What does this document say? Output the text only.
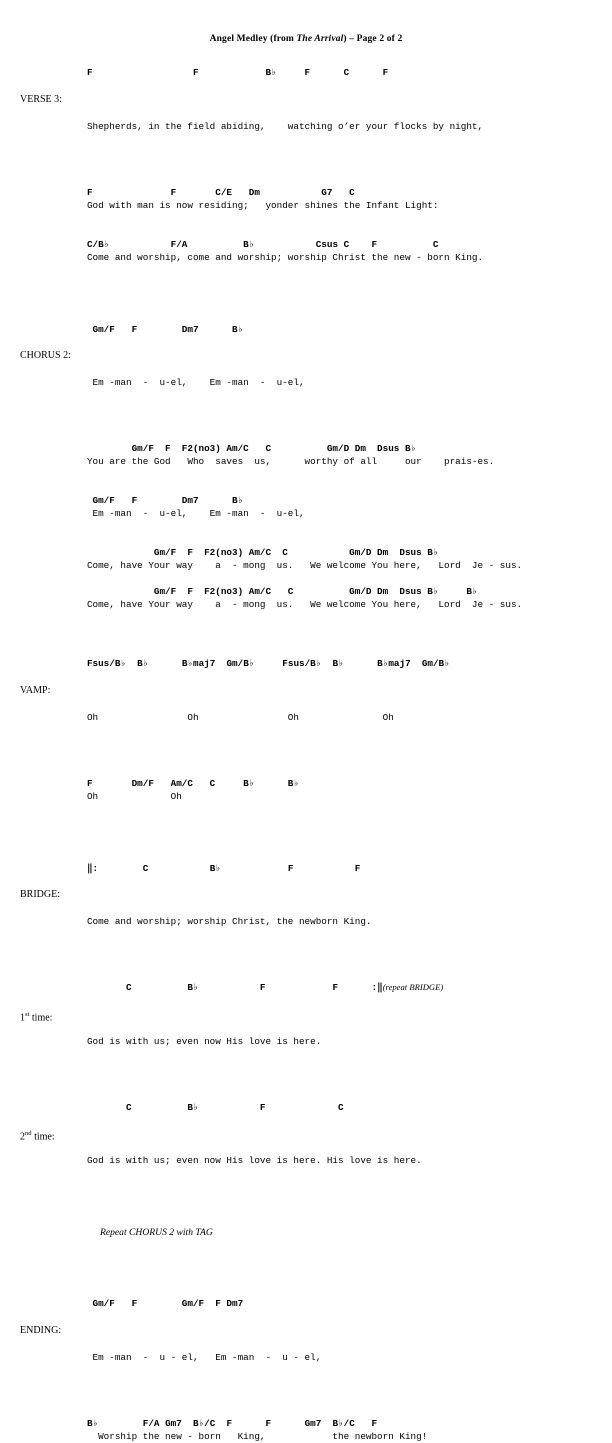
Angel Medley (from The Arrival) – Page 2 of 2
F                  F            B♭     F      C      F

VERSE 3:

Shepherds, in the field abiding,    watching o’er your flocks by night,

F              F       C/E   Dm           G7   C
God with man is now residing;   yonder shines the Infant Light:
C/B♭           F/A          B♭           Csus C    F          C
Come and worship, come and worship; worship Christ the new - born King.
Gm/F   F        Dm7      B♭

CHORUS 2:

Em -man  -  u-el,    Em -man  -  u-el,

Gm/F  F  F2(no3) Am/C   C          Gm/D Dm  Dsus B♭
You are the God   Who  saves  us,      worthy of all     our    prais-es.
Gm/F   F        Dm7      B♭
Em -man  -  u-el,    Em -man  -  u-el,
Gm/F  F  F2(no3) Am/C  C           Gm/D Dm  Dsus B♭
Come, have Your way    a  - mong  us.   We welcome You here,   Lord  Je - sus.
Gm/F  F  F2(no3) Am/C   C          Gm/D Dm  Dsus B♭     B♭
Come, have Your way    a  - mong  us.   We welcome You here,   Lord  Je - sus.
Fsus/B♭  B♭      B♭maj7  Gm/B♭     Fsus/B♭  B♭      B♭maj7  Gm/B♭

VAMP:

Oh                Oh                Oh               Oh

F       Dm/F   Am/C   C     B♭      B♭
Oh             Oh
‖:        C           B♭            F           F

BRIDGE:

Come and worship; worship Christ, the newborn King.

C          B♭           F            F      :‖(repeat BRIDGE)

1st time:

God is with us; even now His love is here.

C          B♭           F             C

2nd time:

God is with us; even now His love is here. His love is here.

Repeat CHORUS 2 with TAG
Gm/F   F        Gm/F  F Dm7

ENDING:

Em -man  -  u - el,   Em -man  -  u - el,

B♭        F/A Gm7  B♭/C  F      F      Gm7  B♭/C   F
Worship the new - born   King,            the newborn King!
